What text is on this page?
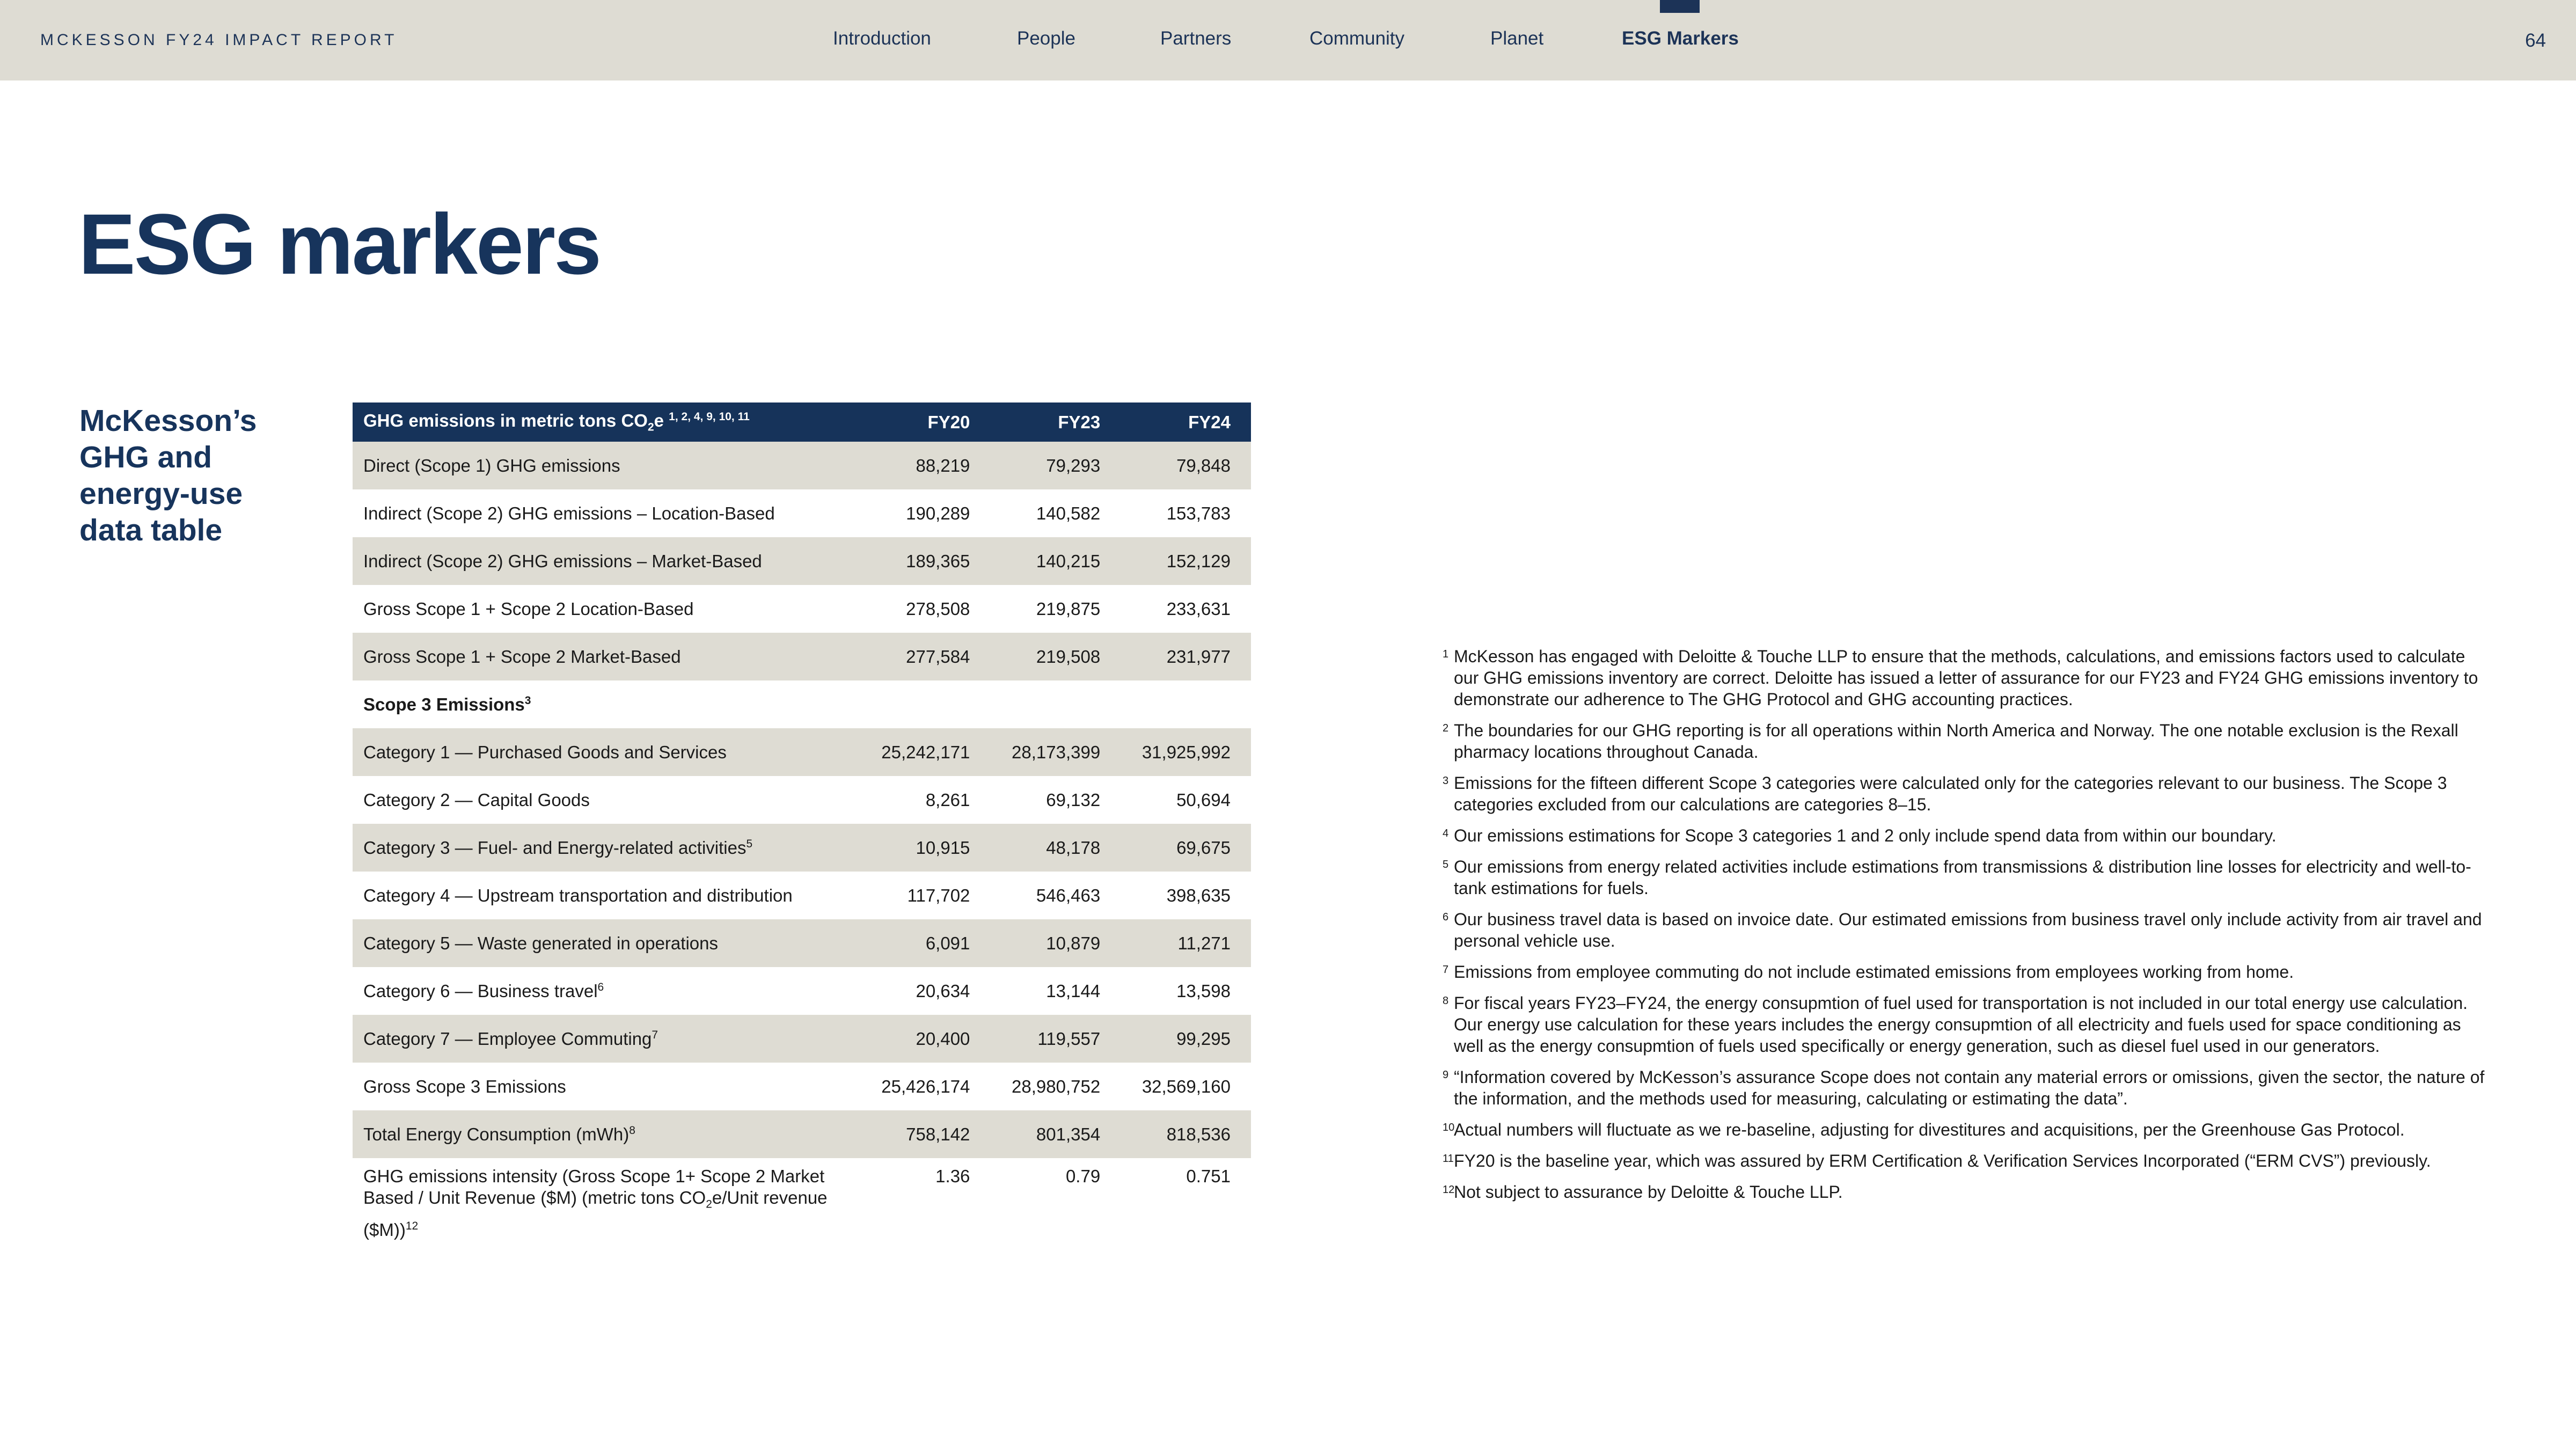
MCKESSON FY24 IMPACT REPORT	Introduction	People	Partners	Community	Planet	ESG Markers	64
ESG markers
McKesson’s GHG and energy-use data table
GHG emissions in metric tons $CO_2e$ $^{1, 2, 4, 9, 10, 11}$	FY20	FY23	FY24
Direct (Scope 1) GHG emissions	88,219	79,293	79,848
Indirect (Scope 2) GHG emissions – Location-Based	190,289	140,582	153,783
Indirect (Scope 2) GHG emissions – Market-Based	189,365	140,215	152,129
Gross Scope 1 + Scope 2 Location-Based	278,508	219,875	233,631
Gross Scope 1 + Scope 2 Market-Based	277,584	219,508	231,977
Scope 3 Emissions$^3$			
Category 1 — Purchased Goods and Services	25,242,171	28,173,399	31,925,992
Category 2 — Capital Goods	8,261	69,132	50,694
Category 3 — Fuel- and Energy-related activities$^5$	10,915	48,178	69,675
Category 4 — Upstream transportation and distribution	117,702	546,463	398,635
Category 5 — Waste generated in operations	6,091	10,879	11,271
Category 6 — Business travel$^6$	20,634	13,144	13,598
Category 7 — Employee Commuting$^7$	20,400	119,557	99,295
Gross Scope 3 Emissions	25,426,174	28,980,752	32,569,160
Total Energy Consumption (mWh)$^8$	758,142	801,354	818,536
GHG emissions intensity (Gross Scope 1+ Scope 2 Market Based / Unit Revenue ($M) (metric tons $CO_2e$/Unit revenue ($M))$^{12}$	1.36	0.79	0.751
1 McKesson has engaged with Deloitte & Touche LLP to ensure that the methods, calculations, and emissions factors used to calculate our GHG emissions inventory are correct. Deloitte has issued a letter of assurance for our FY23 and FY24 GHG emissions inventory to demonstrate our adherence to The GHG Protocol and GHG accounting practices.
2 The boundaries for our GHG reporting is for all operations within North America and Norway. The one notable exclusion is the Rexall pharmacy locations throughout Canada.
3 Emissions for the fifteen different Scope 3 categories were calculated only for the categories relevant to our business. The Scope 3 categories excluded from our calculations are categories 8–15.
4 Our emissions estimations for Scope 3 categories 1 and 2 only include spend data from within our boundary.
5 Our emissions from energy related activities include estimations from transmissions & distribution line losses for electricity and well-to-tank estimations for fuels.
6 Our business travel data is based on invoice date. Our estimated emissions from business travel only include activity from air travel and personal vehicle use.
7 Emissions from employee commuting do not include estimated emissions from employees working from home.
8 For fiscal years FY23–FY24, the energy consupmtion of fuel used for transportation is not included in our total energy use calculation. Our energy use calculation for these years includes the energy consupmtion of all electricity and fuels used for space conditioning as well as the energy consupmtion of fuels used specifically or energy generation, such as diesel fuel used in our generators.
9 “Information covered by McKesson’s assurance Scope does not contain any material errors or omissions, given the sector, the nature of the information, and the methods used for measuring, calculating or estimating the data”.
10
Actual numbers will fluctuate as we re-baseline, adjusting for divestitures and acquisitions, per the Greenhouse Gas Protocol.
11 FY20 is the baseline year, which was assured by ERM Certification & Verification Services Incorporated (“ERM CVS”) previously.
12
Not subject to assurance by Deloitte & Touche LLP.
